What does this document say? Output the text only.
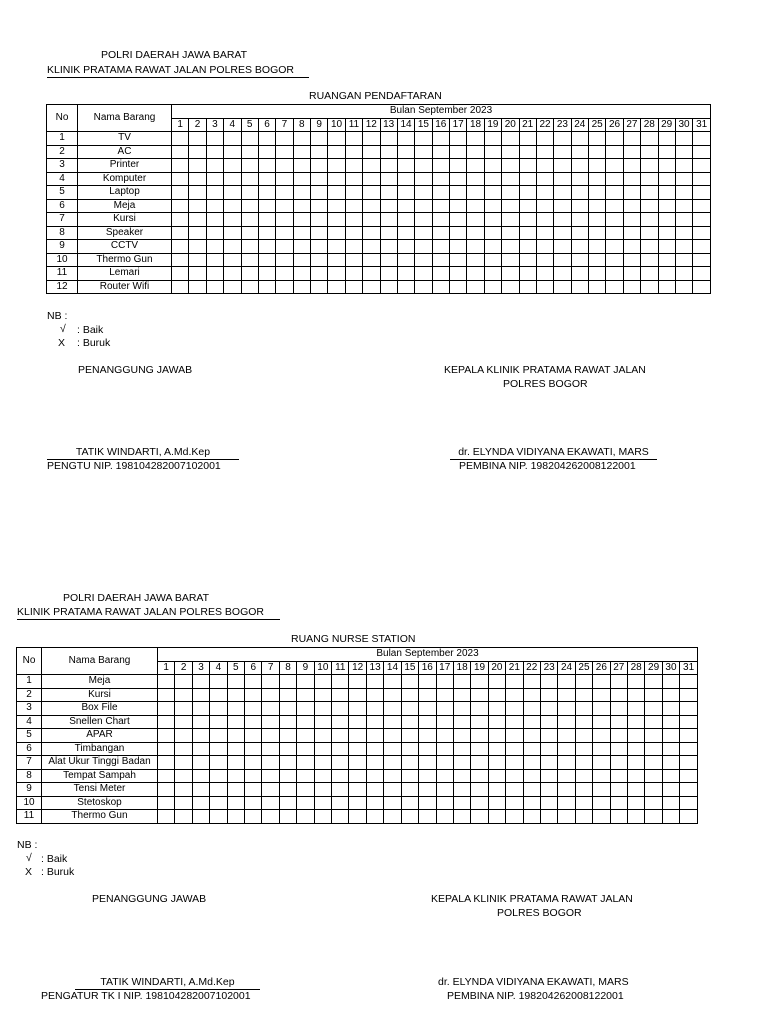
POLRI DAERAH JAWA BARAT
KLINIK PRATAMA RAWAT JALAN POLRES BOGOR
RUANGAN PENDAFTARAN
No	Nama Barang	Bulan September 2023																														
		1	2	3	4	5	6	7	8	9	10	11	12	13	14	15	16	17	18	19	20	21	22	23	24	25	26	27	28	29	30	31
1	TV																															
2	AC																															
3	Printer																															
4	Komputer																															
5	Laptop																															
6	Meja																															
7	Kursi																															
8	Speaker																															
9	CCTV																															
10	Thermo Gun																															
11	Lemari																															
12	Router Wifi																															
NB :
√ : Baik
X : Buruk
PENANGGUNG JAWAB	KEPALA KLINIK PRATAMA RAWAT JALAN
POLRES BOGOR
TATIK WINDARTI, A.Md.Kep
PENGTU NIP. 198104282007102001
dr. ELYNDA VIDIYANA EKAWATI, MARS
PEMBINA NIP. 198204262008122001
POLRI DAERAH JAWA BARAT
KLINIK PRATAMA RAWAT JALAN POLRES BOGOR
RUANG NURSE STATION
No	Nama Barang	Bulan September 2023																														
		1	2	3	4	5	6	7	8	9	10	11	12	13	14	15	16	17	18	19	20	21	22	23	24	25	26	27	28	29	30	31
1	Meja																															
2	Kursi																															
3	Box File																															
4	Snellen Chart																															
5	APAR																															
6	Timbangan																															
7	Alat Ukur Tinggi Badan																															
8	Tempat Sampah																															
9	Tensi Meter																															
10	Stetoskop																															
11	Thermo Gun																															
NB :
√ : Baik
X : Buruk
PENANGGUNG JAWAB	KEPALA KLINIK PRATAMA RAWAT JALAN
POLRES BOGOR
TATIK WINDARTI, A.Md.Kep
PENGATUR TK I NIP. 198104282007102001
dr. ELYNDA VIDIYANA EKAWATI, MARS
PEMBINA NIP. 198204262008122001
